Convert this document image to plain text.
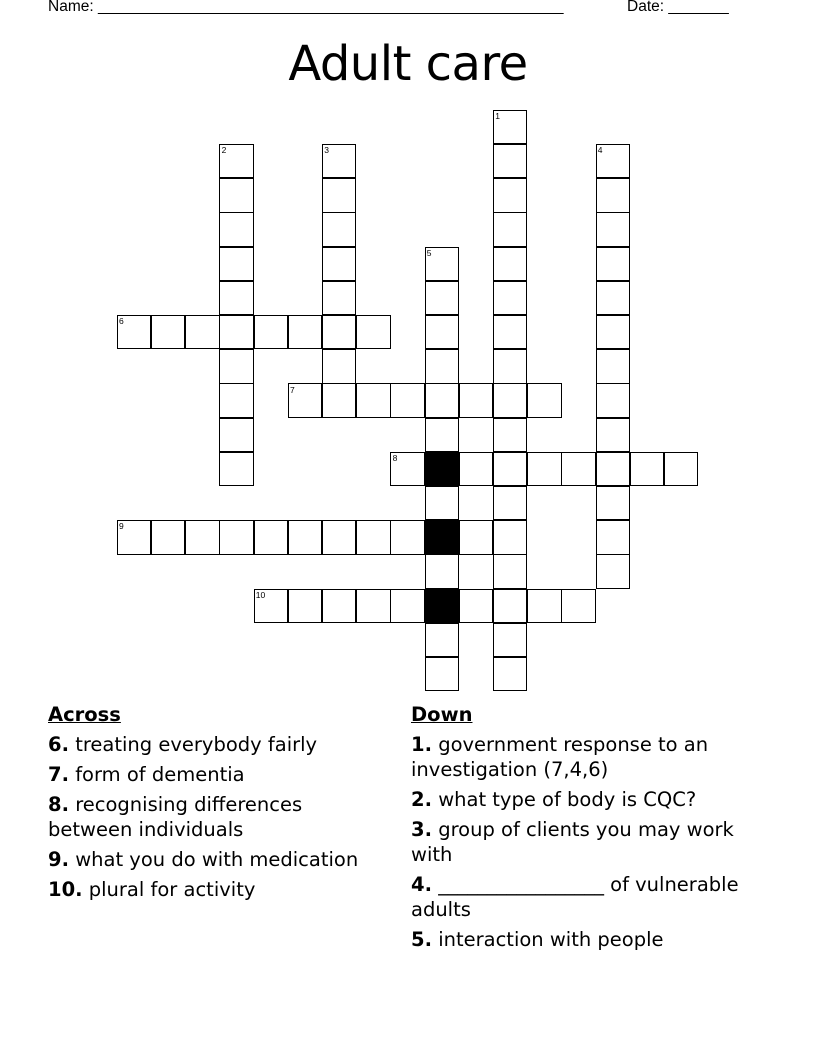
Name: ______________________________________________________	Date: _______
Adult care
1
2	3	4
5
6
7
8
9
10
Across
6. treating everybody fairly
7. form of dementia
8. recognising differences between individuals
9. what you do with medication
10. plural for activity
Down
1. government response to an investigation (7,4,6)
2. what type of body is CQC?
3. group of clients you may work with
4. _________________ of vulnerable adults
5. interaction with people
